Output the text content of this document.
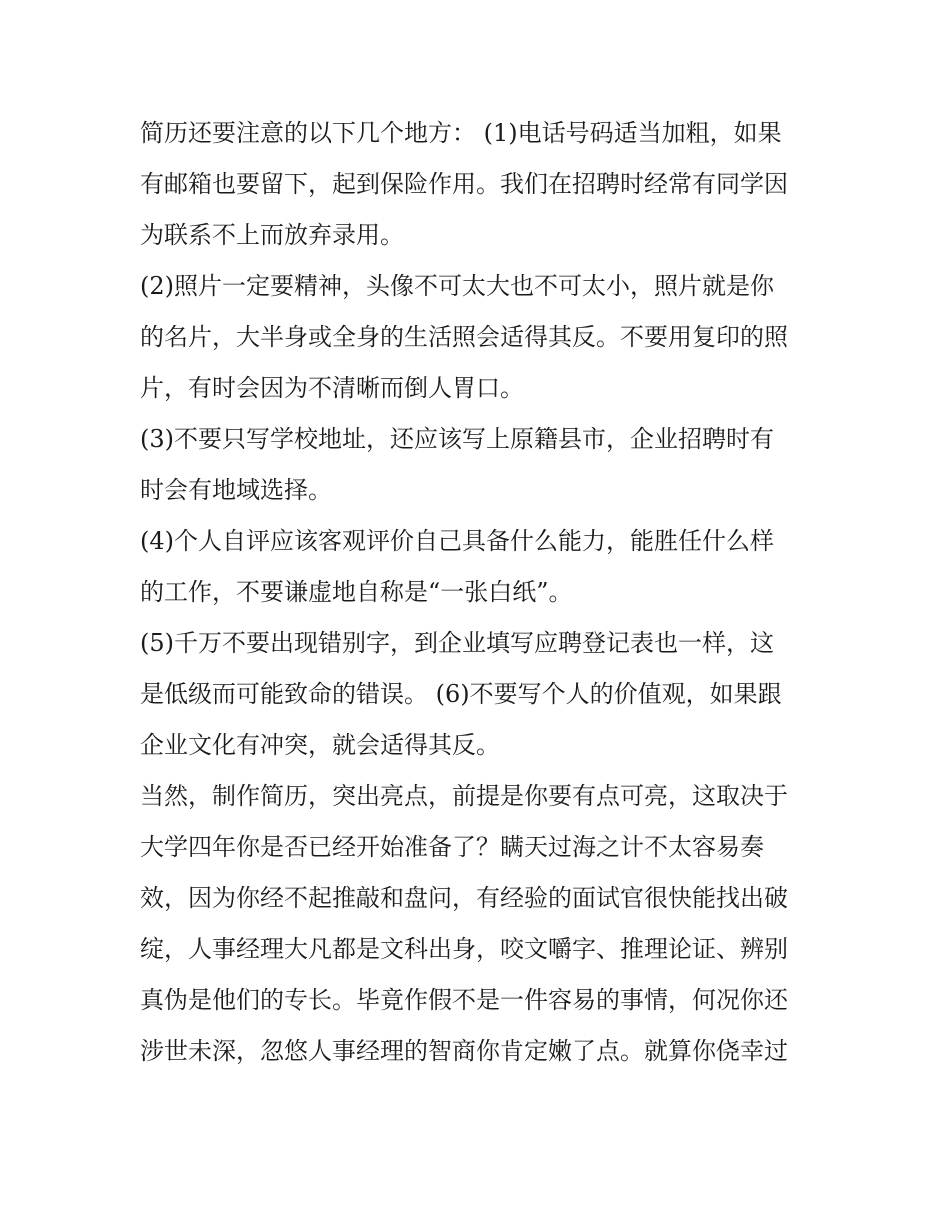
简历还要注意的以下几个地方： (1)电话号码适当加粗，如果
有邮箱也要留下，起到保险作用。我们在招聘时经常有同学因
为联系不上而放弃录用。
(2)照片一定要精神，头像不可太大也不可太小，照片就是你
的名片，大半身或全身的生活照会适得其反。不要用复印的照
片，有时会因为不清晰而倒人胃口。
(3)不要只写学校地址，还应该写上原籍县市，企业招聘时有
时会有地域选择。
(4)个人自评应该客观评价自己具备什么能力，能胜任什么样
的工作，不要谦虚地自称是“一张白纸”。
(5)千万不要出现错别字，到企业填写应聘登记表也一样，这
是低级而可能致命的错误。 (6)不要写个人的价值观，如果跟
企业文化有冲突，就会适得其反。
当然，制作简历，突出亮点，前提是你要有点可亮，这取决于
大学四年你是否已经开始准备了？瞒天过海之计不太容易奏
效，因为你经不起推敲和盘问，有经验的面试官很快能找出破
绽，人事经理大凡都是文科出身，咬文嚼字、推理论证、辨别
真伪是他们的专长。毕竟作假不是一件容易的事情，何况你还
涉世未深，忽悠人事经理的智商你肯定嫩了点。就算你侥幸过
